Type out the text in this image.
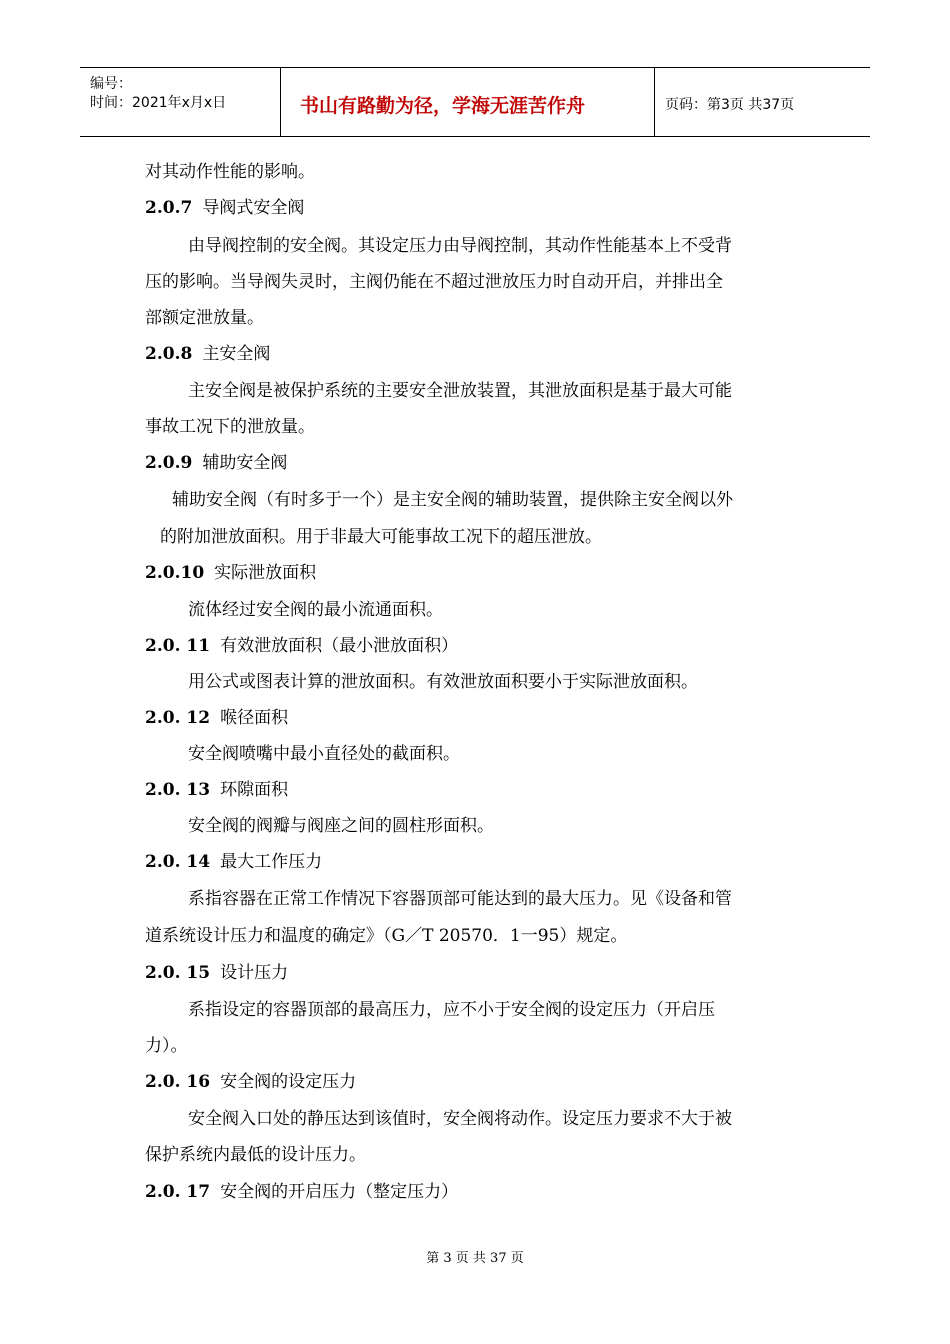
编号：
时间：2021年x月x日	书山有路勤为径，学海无涯苦作舟	页码：第3页 共37页
对其动作性能的影响。
2.0.7 导阀式安全阀
由导阀控制的安全阀。其设定压力由导阀控制，其动作性能基本上不受背
压的影响。当导阀失灵时，主阀仍能在不超过泄放压力时自动开启，并排出全
部额定泄放量。
2.0.8 主安全阀
主安全阀是被保护系统的主要安全泄放装置，其泄放面积是基于最大可能
事故工况下的泄放量。
2.0.9 辅助安全阀
辅助安全阀（有时多于一个）是主安全阀的辅助装置，提供除主安全阀以外
的附加泄放面积。用于非最大可能事故工况下的超压泄放。
2.0.10 实际泄放面积
流体经过安全阀的最小流通面积。
2.0. 11 有效泄放面积（最小泄放面积）
用公式或图表计算的泄放面积。有效泄放面积要小于实际泄放面积。
2.0. 12 喉径面积
安全阀喷嘴中最小直径处的截面积。
2.0. 13 环隙面积
安全阀的阀瓣与阀座之间的圆柱形面积。
2.0. 14 最大工作压力
系指容器在正常工作情况下容器顶部可能达到的最大压力。见《设备和管
道系统设计压力和温度的确定》（G／T 20570．1一95）规定。
2.0. 15 设计压力
系指设定的容器顶部的最高压力，应不小于安全阀的设定压力（开启压
力）。
2.0. 16 安全阀的设定压力
安全阀入口处的静压达到该值时，安全阀将动作。设定压力要求不大于被
保护系统内最低的设计压力。
2.0. 17 安全阀的开启压力（整定压力）
第 3 页 共 37 页
